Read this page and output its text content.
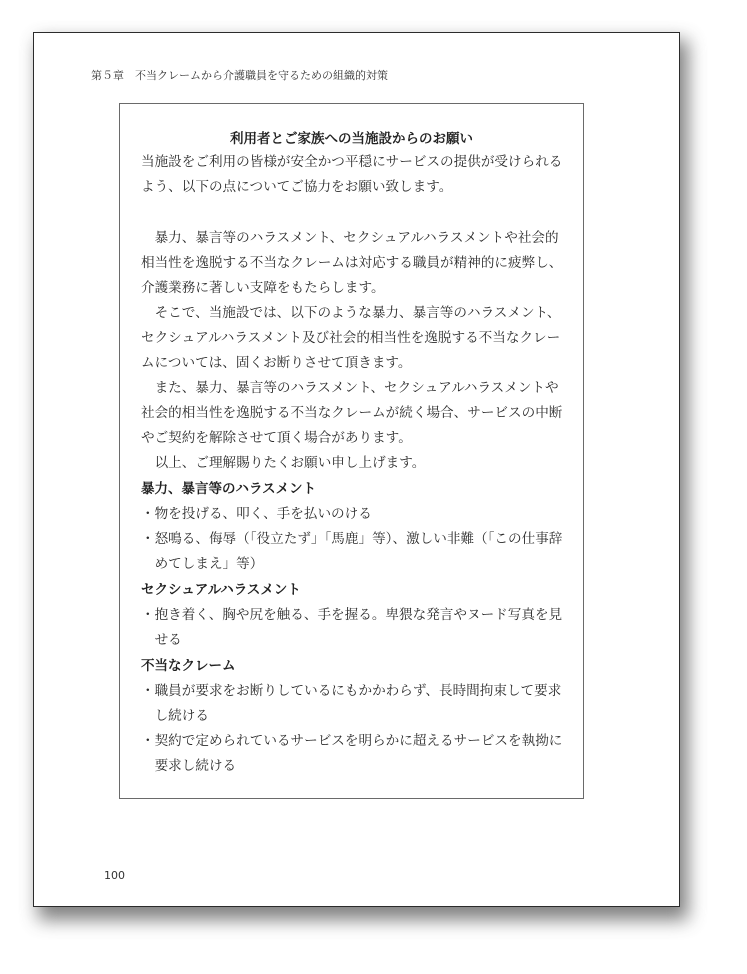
第５章　不当クレームから介護職員を守るための組織的対策
利用者とご家族への当施設からのお願い
当施設をご利用の皆様が安全かつ平穏にサービスの提供が受けられる
よう、以下の点についてご協力をお願い致します。
　暴力、暴言等のハラスメント、セクシュアルハラスメントや社会的
相当性を逸脱する不当なクレームは対応する職員が精神的に疲弊し、
介護業務に著しい支障をもたらします。
　そこで、当施設では、以下のような暴力、暴言等のハラスメント、
セクシュアルハラスメント及び社会的相当性を逸脱する不当なクレー
ムについては、固くお断りさせて頂きます。
　また、暴力、暴言等のハラスメント、セクシュアルハラスメントや
社会的相当性を逸脱する不当なクレームが続く場合、サービスの中断
やご契約を解除させて頂く場合があります。
　以上、ご理解賜りたくお願い申し上げます。
暴力、暴言等のハラスメント
・物を投げる、叩く、手を払いのける
・怒鳴る、侮辱（「役立たず」「馬鹿」等）、激しい非難（「この仕事辞
　めてしまえ」等）
セクシュアルハラスメント
・抱き着く、胸や尻を触る、手を握る。卑猥な発言やヌード写真を見
　せる
不当なクレーム
・職員が要求をお断りしているにもかかわらず、長時間拘束して要求
　し続ける
・契約で定められているサービスを明らかに超えるサービスを執拗に
　要求し続ける
100
